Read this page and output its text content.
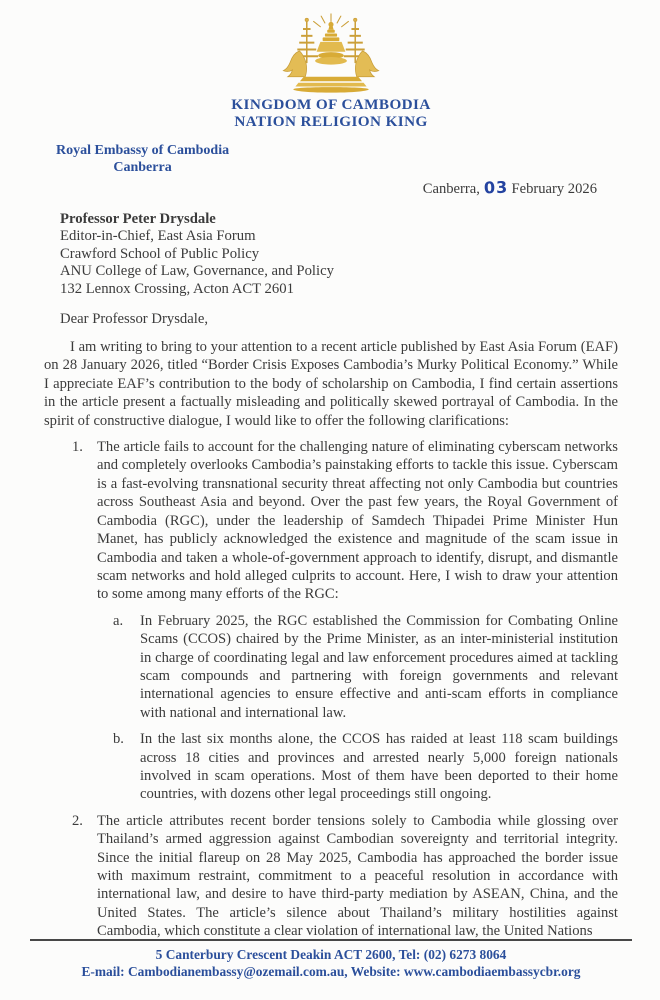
KINGDOM OF CAMBODIA
NATION RELIGION KING
Royal Embassy of Cambodia
Canberra
Canberra, 03 February 2026
Professor Peter Drysdale
Editor-in-Chief, East Asia Forum
Crawford School of Public Policy
ANU College of Law, Governance, and Policy
132 Lennox Crossing, Acton ACT 2601
Dear Professor Drysdale,

I am writing to bring to your attention to a recent article published by East Asia Forum (EAF) on 28 January 2026, titled “Border Crisis Exposes Cambodia’s Murky Political Economy.” While I appreciate EAF’s contribution to the body of scholarship on Cambodia, I find certain assertions in the article present a factually misleading and politically skewed portrayal of Cambodia. In the spirit of constructive dialogue, I would like to offer the following clarifications:

1. The article fails to account for the challenging nature of eliminating cyberscam networks and completely overlooks Cambodia’s painstaking efforts to tackle this issue. Cyberscam is a fast-evolving transnational security threat affecting not only Cambodia but countries across Southeast Asia and beyond. Over the past few years, the Royal Government of Cambodia (RGC), under the leadership of Samdech Thipadei Prime Minister Hun Manet, has publicly acknowledged the existence and magnitude of the scam issue in Cambodia and taken a whole-of-government approach to identify, disrupt, and dismantle scam networks and hold alleged culprits to account. Here, I wish to draw your attention to some among many efforts of the RGC:
a.	In February 2025, the RGC established the Commission for Combating Online Scams (CCOS) chaired by the Prime Minister, as an inter-ministerial institution in charge of coordinating legal and law enforcement procedures aimed at tackling scam compounds and partnering with foreign governments and relevant international agencies to ensure effective and anti-scam efforts in compliance with national and international law.
b.	In the last six months alone, the CCOS has raided at least 118 scam buildings across 18 cities and provinces and arrested nearly 5,000 foreign nationals involved in scam operations. Most of them have been deported to their home countries, with dozens other legal proceedings still ongoing.
2. The article attributes recent border tensions solely to Cambodia while glossing over Thailand’s armed aggression against Cambodian sovereignty and territorial integrity. Since the initial flareup on 28 May 2025, Cambodia has approached the border issue with maximum restraint, commitment to a peaceful resolution in accordance with international law, and desire to have third-party mediation by ASEAN, China, and the United States. The article’s silence about Thailand’s military hostilities against Cambodia, which constitute a clear violation of international law, the United Nations
5 Canterbury Crescent Deakin ACT 2600, Tel: (02) 6273 8064
E-mail: Cambodianembassy@ozemail.com.au, Website: www.cambodiaembassycbr.org
